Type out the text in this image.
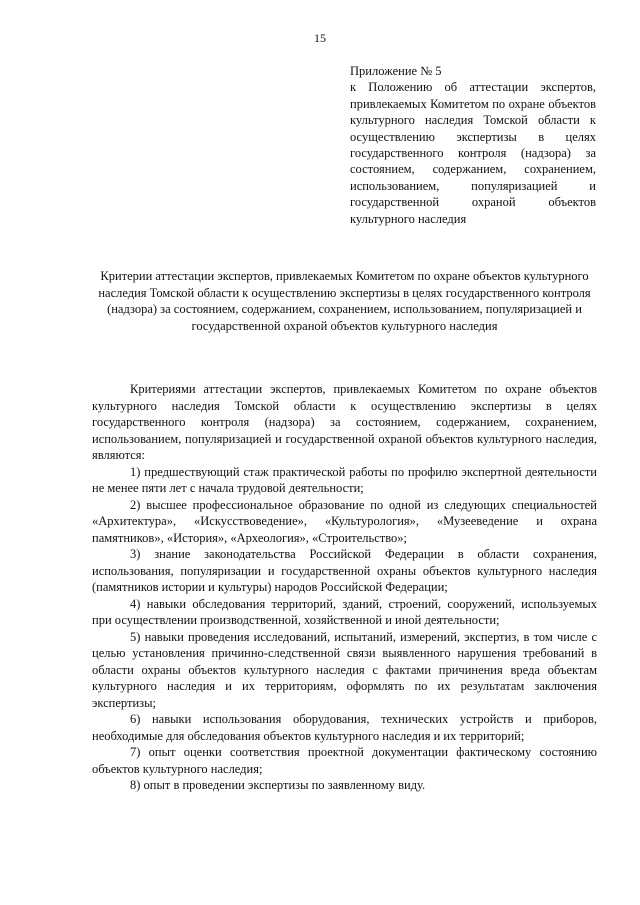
15
Приложение № 5
к Положению об аттестации экспертов, привлекаемых Комитетом по охране объектов культурного наследия Томской области к осуществлению экспертизы в целях государственного контроля (надзора) за состоянием, содержанием, сохранением, использованием, популяризацией и государственной охраной объектов культурного наследия
Критерии аттестации экспертов, привлекаемых Комитетом по охране объектов культурного наследия Томской области к осуществлению экспертизы в целях государственного контроля (надзора) за состоянием, содержанием, сохранением, использованием, популяризацией и государственной охраной объектов культурного наследия

Критериями аттестации экспертов, привлекаемых Комитетом по охране объектов культурного наследия Томской области к осуществлению экспертизы в целях государственного контроля (надзора) за состоянием, содержанием, сохранением, использованием, популяризацией и государственной охраной объектов культурного наследия, являются:

1) предшествующий стаж практической работы по профилю экспертной деятельности не менее пяти лет с начала трудовой деятельности;

2) высшее профессиональное образование по одной из следующих специальностей «Архитектура», «Искусствоведение», «Культурология», «Музееведение и охрана памятников», «История», «Археология», «Строительство»;

3) знание законодательства Российской Федерации в области сохранения, использования, популяризации и государственной охраны объектов культурного наследия (памятников истории и культуры) народов Российской Федерации;

4) навыки обследования территорий, зданий, строений, сооружений, используемых при осуществлении производственной, хозяйственной и иной деятельности;

5) навыки проведения исследований, испытаний, измерений, экспертиз, в том числе с целью установления причинно-следственной связи выявленного нарушения требований в области охраны объектов культурного наследия с фактами причинения вреда объектам культурного наследия и их территориям, оформлять по их результатам заключения экспертизы;

6) навыки использования оборудования, технических устройств и приборов, необходимые для обследования объектов культурного наследия и их территорий;

7) опыт оценки соответствия проектной документации фактическому состоянию объектов культурного наследия;

8) опыт в проведении экспертизы по заявленному виду.
